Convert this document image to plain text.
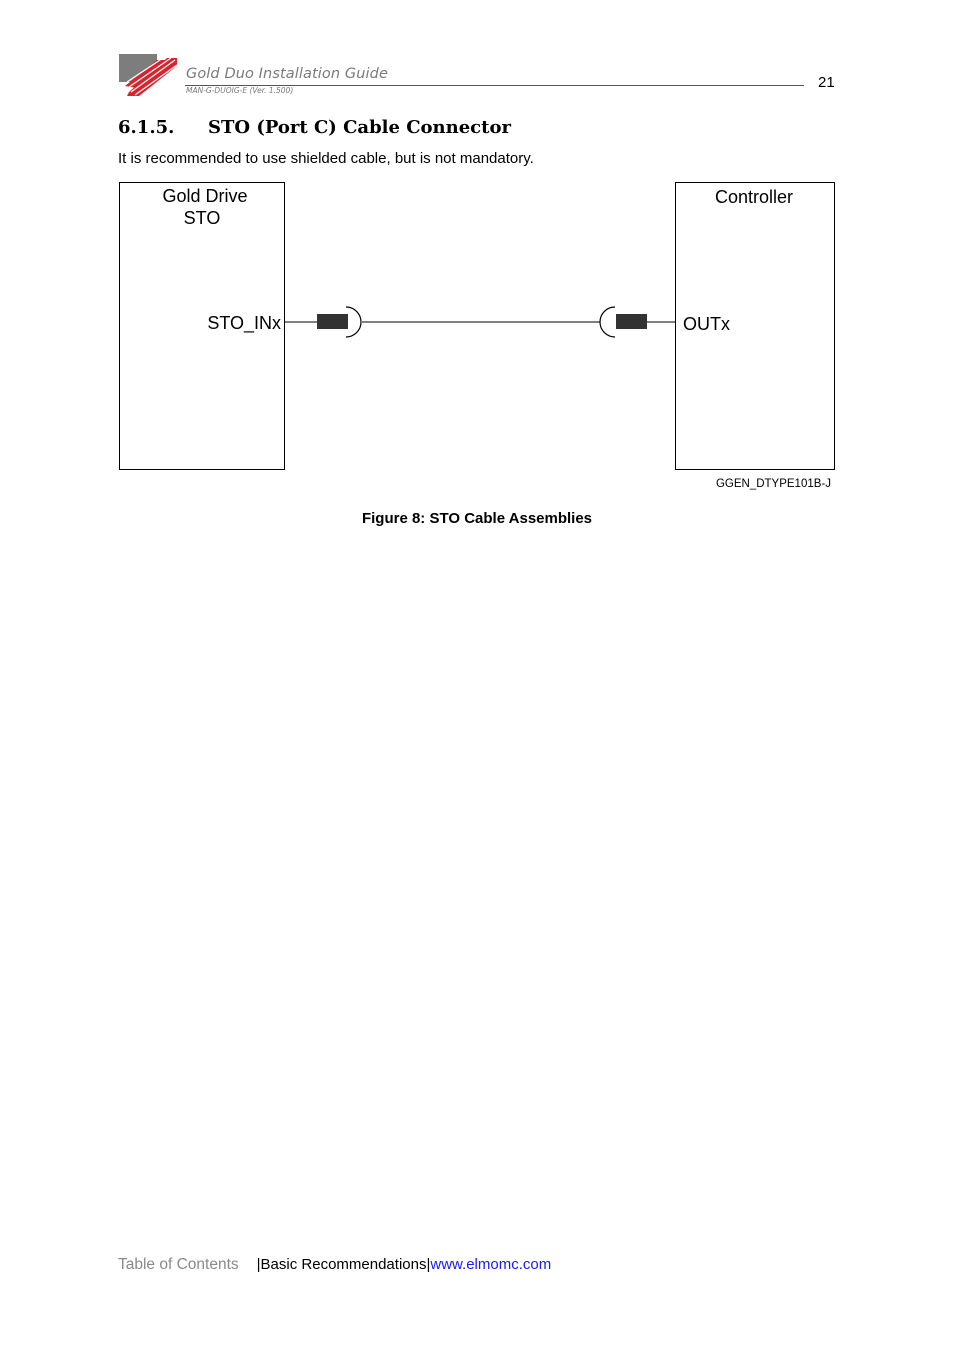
Gold Duo Installation Guide
MAN-G-DUOIG-E (Ver. 1.500)	21
6.1.5. STO (Port C) Cable Connector
It is recommended to use shielded cable, but is not mandatory.
Gold Drive
STO
STO_INx
Controller
OUTx
GGEN_DTYPE101B-J
Figure 8: STO Cable Assemblies
Table of Contents |Basic Recommendations|www.elmomc.com
